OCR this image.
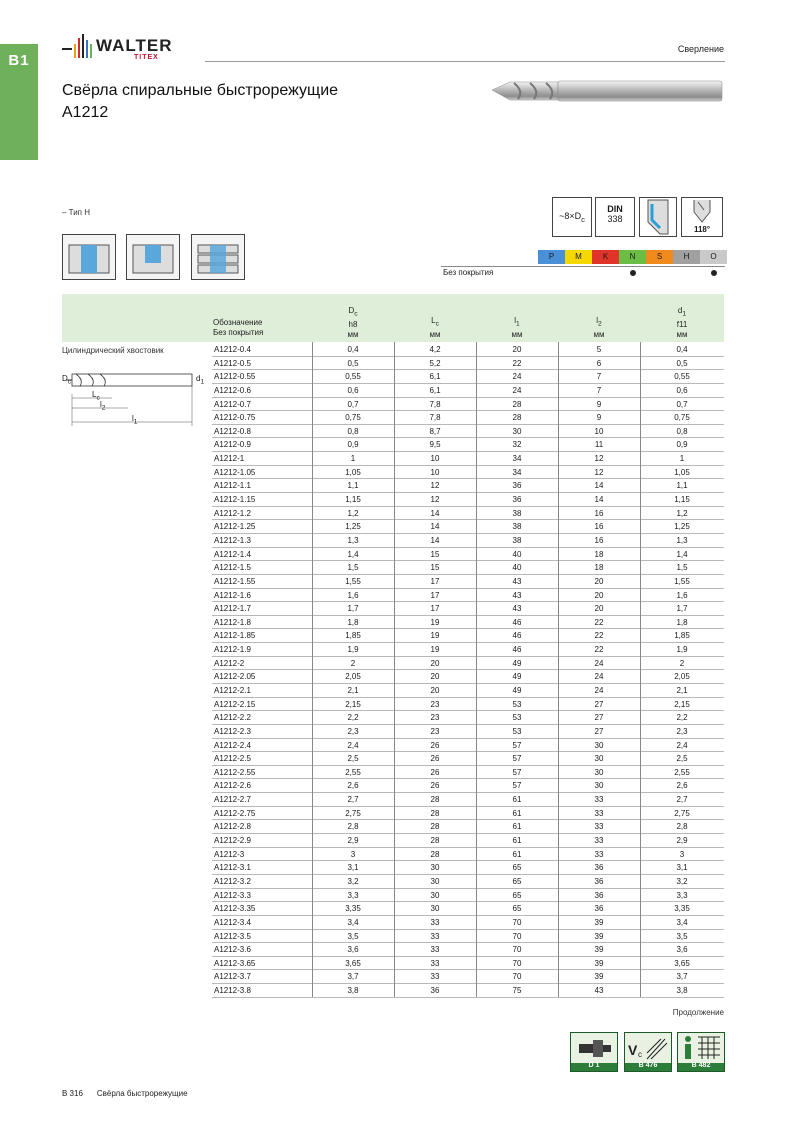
B1
WALTER
TITEX
Сверление
Свёрла спиральные быстрорежущие
A1212
– Тип H	$\sim 8\times D_c$
DIN
338
118°
P	M	K	N	S	H	O
Без покрытия
Обозначение
Без покрытия
$D_c$
h8
мм
$L_c$
мм
$l_1$
мм
$l_2$
мм
$d_1$
f11
мм
Цилиндрический хвостовик
$D_c$	$d_1$
$L_c$
$l_2$
$l_1$
A1212-0.4	0,4	4,2	20	5	0,4
A1212-0.5	0,5	5,2	22	6	0,5
A1212-0.55	0,55	6,1	24	7	0,55
A1212-0.6	0,6	6,1	24	7	0,6
A1212-0.7	0,7	7,8	28	9	0,7
A1212-0.75	0,75	7,8	28	9	0,75
A1212-0.8	0,8	8,7	30	10	0,8
A1212-0.9	0,9	9,5	32	11	0,9
A1212-1	1	10	34	12	1
A1212-1.05	1,05	10	34	12	1,05
A1212-1.1	1,1	12	36	14	1,1
A1212-1.15	1,15	12	36	14	1,15
A1212-1.2	1,2	14	38	16	1,2
A1212-1.25	1,25	14	38	16	1,25
A1212-1.3	1,3	14	38	16	1,3
A1212-1.4	1,4	15	40	18	1,4
A1212-1.5	1,5	15	40	18	1,5
A1212-1.55	1,55	17	43	20	1,55
A1212-1.6	1,6	17	43	20	1,6
A1212-1.7	1,7	17	43	20	1,7
A1212-1.8	1,8	19	46	22	1,8
A1212-1.85	1,85	19	46	22	1,85
A1212-1.9	1,9	19	46	22	1,9
A1212-2	2	20	49	24	2
A1212-2.05	2,05	20	49	24	2,05
A1212-2.1	2,1	20	49	24	2,1
A1212-2.15	2,15	23	53	27	2,15
A1212-2.2	2,2	23	53	27	2,2
A1212-2.3	2,3	23	53	27	2,3
A1212-2.4	2,4	26	57	30	2,4
A1212-2.5	2,5	26	57	30	2,5
A1212-2.55	2,55	26	57	30	2,55
A1212-2.6	2,6	26	57	30	2,6
A1212-2.7	2,7	28	61	33	2,7
A1212-2.75	2,75	28	61	33	2,75
A1212-2.8	2,8	28	61	33	2,8
A1212-2.9	2,9	28	61	33	2,9
A1212-3	3	28	61	33	3
A1212-3.1	3,1	30	65	36	3,1
A1212-3.2	3,2	30	65	36	3,2
A1212-3.3	3,3	30	65	36	3,3
A1212-3.35	3,35	30	65	36	3,35
A1212-3.4	3,4	33	70	39	3,4
A1212-3.5	3,5	33	70	39	3,5
A1212-3.6	3,6	33	70	39	3,6
A1212-3.65	3,65	33	70	39	3,65
A1212-3.7	3,7	33	70	39	3,7
A1212-3.8	3,8	36	75	43	3,8
Продолжение
D 1
V c
B 476	B 482
B 316 Свёрла быстрорежущие
